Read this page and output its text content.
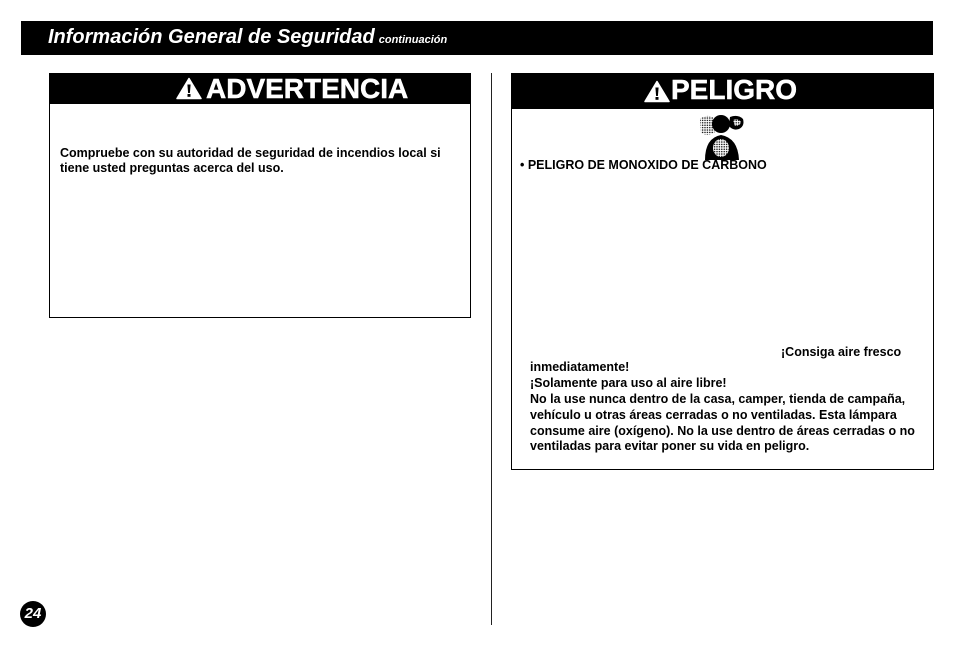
Información General de Seguridad continuación
ADVERTENCIA
Compruebe con su autoridad de seguridad de incendios local si
tiene usted preguntas acerca del uso.
PELIGRO
• PELIGRO DE MONOXIDO DE CARBONO
¡Consiga aire fresco
inmediatamente!
¡Solamente para uso al aire libre!
No la use nunca dentro de la casa, camper, tienda de campaña,
vehículo u otras áreas cerradas o no ventiladas. Esta lámpara
consume aire (oxígeno). No la use dentro de áreas cerradas o no
ventiladas para evitar poner su vida en peligro.
24
